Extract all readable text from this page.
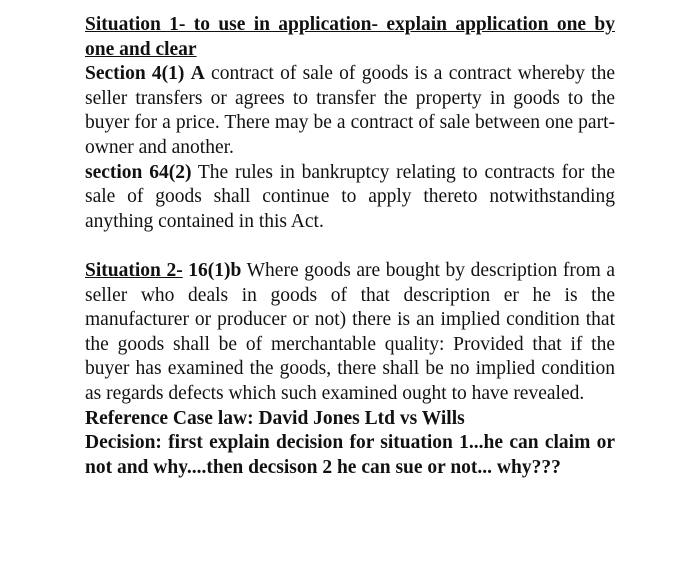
Situation 1- to use in application- explain application one by one and clear

Section 4(1) A contract of sale of goods is a contract whereby the seller transfers or agrees to transfer the property in goods to the buyer for a price. There may be a contract of sale between one part- owner and another.

section 64(2) The rules in bankruptcy relating to contracts for the sale of goods shall continue to apply thereto notwithstanding anything contained in this Act.

Situation 2- 16(1)b Where goods are bought by description from a seller who deals in goods of that description er he is the manufacturer or producer or not) there is an implied condition that the goods shall be of merchantable quality: Provided that if the buyer has examined the goods, there shall be no implied condition as regards defects which such examined ought to have revealed.

Reference Case law: David Jones Ltd vs Wills

Decision: first explain decision for situation 1...he can claim or not and why....then decsison 2 he can sue or not... why???
